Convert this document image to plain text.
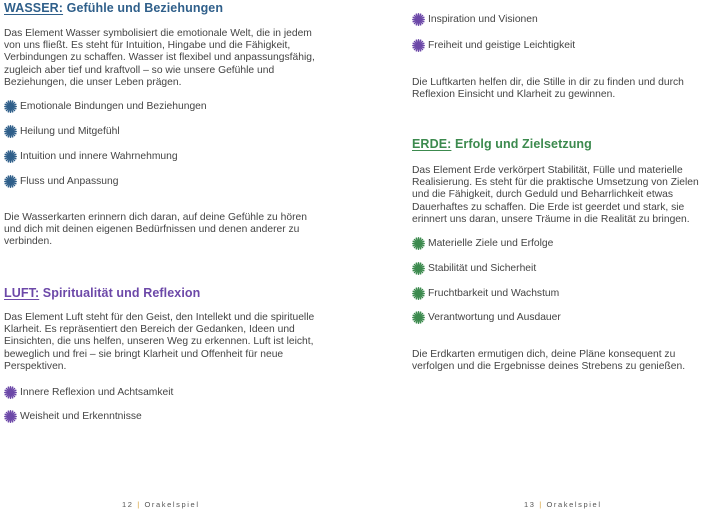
WASSER: Gefühle und Beziehungen
Das Element Wasser symbolisiert die emotionale Welt, die in jedem von uns fließt. Es steht für Intuition, Hingabe und die Fähigkeit, Verbindungen zu schaffen. Wasser ist flexibel und anpassungsfähig, zugleich aber tief und kraftvoll – so wie unsere Gefühle und Beziehungen, die unser Leben prägen.
Emotionale Bindungen und Beziehungen
Heilung und Mitgefühl
Intuition und innere Wahrnehmung
Fluss und Anpassung
Die Wasserkarten erinnern dich daran, auf deine Gefühle zu hören und dich mit deinen eigenen Bedürfnissen und denen anderer zu verbinden.
LUFT: Spiritualität und Reflexion
Das Element Luft steht für den Geist, den Intellekt und die spirituelle Klarheit. Es repräsentiert den Bereich der Gedanken, Ideen und Einsichten, die uns helfen, unseren Weg zu erkennen. Luft ist leicht, beweglich und frei – sie bringt Klarheit und Offenheit für neue Perspektiven.
Innere Reflexion und Achtsamkeit
Weisheit und Erkenntnisse
12 | Orakelspiel
Inspiration und Visionen
Freiheit und geistige Leichtigkeit
Die Luftkarten helfen dir, die Stille in dir zu finden und durch Reflexion Einsicht und Klarheit zu gewinnen.
ERDE: Erfolg und Zielsetzung
Das Element Erde verkörpert Stabilität, Fülle und materielle Realisierung. Es steht für die praktische Umsetzung von Zielen und die Fähigkeit, durch Geduld und Beharrlichkeit etwas Dauerhaftes zu schaffen. Die Erde ist geerdet und stark, sie erinnert uns daran, unsere Träume in die Realität zu bringen.
Materielle Ziele und Erfolge
Stabilität und Sicherheit
Fruchtbarkeit und Wachstum
Verantwortung und Ausdauer
Die Erdkarten ermutigen dich, deine Pläne konsequent zu verfolgen und die Ergebnisse deines Strebens zu genießen.
13 | Orakelspiel
